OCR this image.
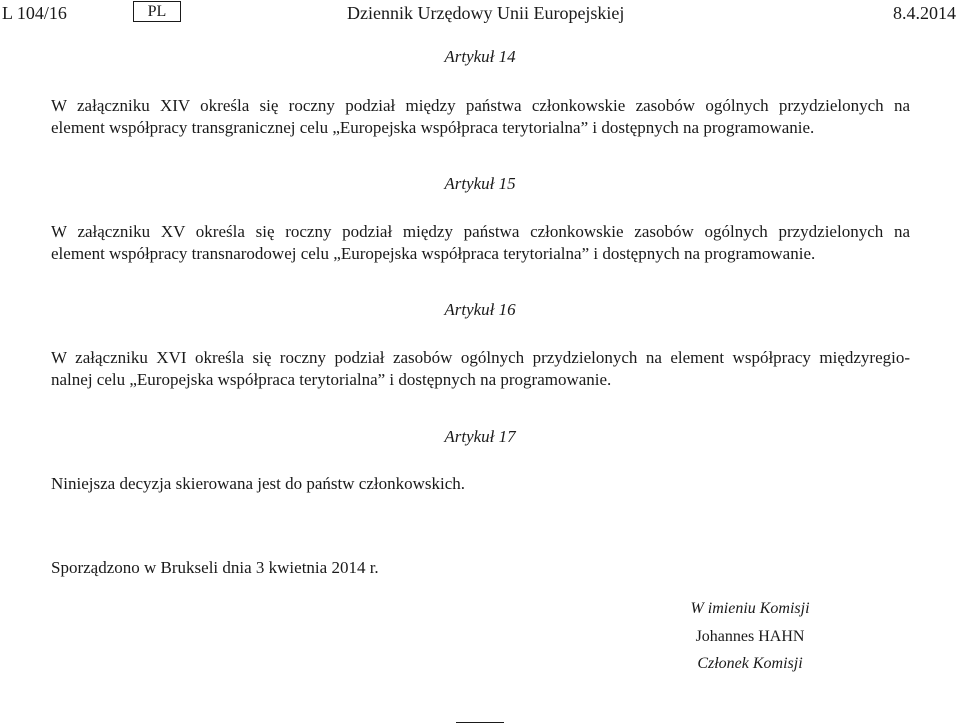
L 104/16	PL	Dziennik Urzędowy Unii Europejskiej	8.4.2014
Artykuł 14
W załączniku XIV określa się roczny podział między państwa członkowskie zasobów ogólnych przydzielonych na
element współpracy transgranicznej celu „Europejska współpraca terytorialna” i dostępnych na programowanie.
Artykuł 15
W załączniku XV określa się roczny podział między państwa członkowskie zasobów ogólnych przydzielonych na
element współpracy transnarodowej celu „Europejska współpraca terytorialna” i dostępnych na programowanie.
Artykuł 16
W załączniku XVI określa się roczny podział zasobów ogólnych przydzielonych na element współpracy międzyregio-
nalnej celu „Europejska współpraca terytorialna” i dostępnych na programowanie.
Artykuł 17
Niniejsza decyzja skierowana jest do państw członkowskich.
Sporządzono w Brukseli dnia 3 kwietnia 2014 r.
W imieniu Komisji
Johannes HAHN
Członek Komisji
